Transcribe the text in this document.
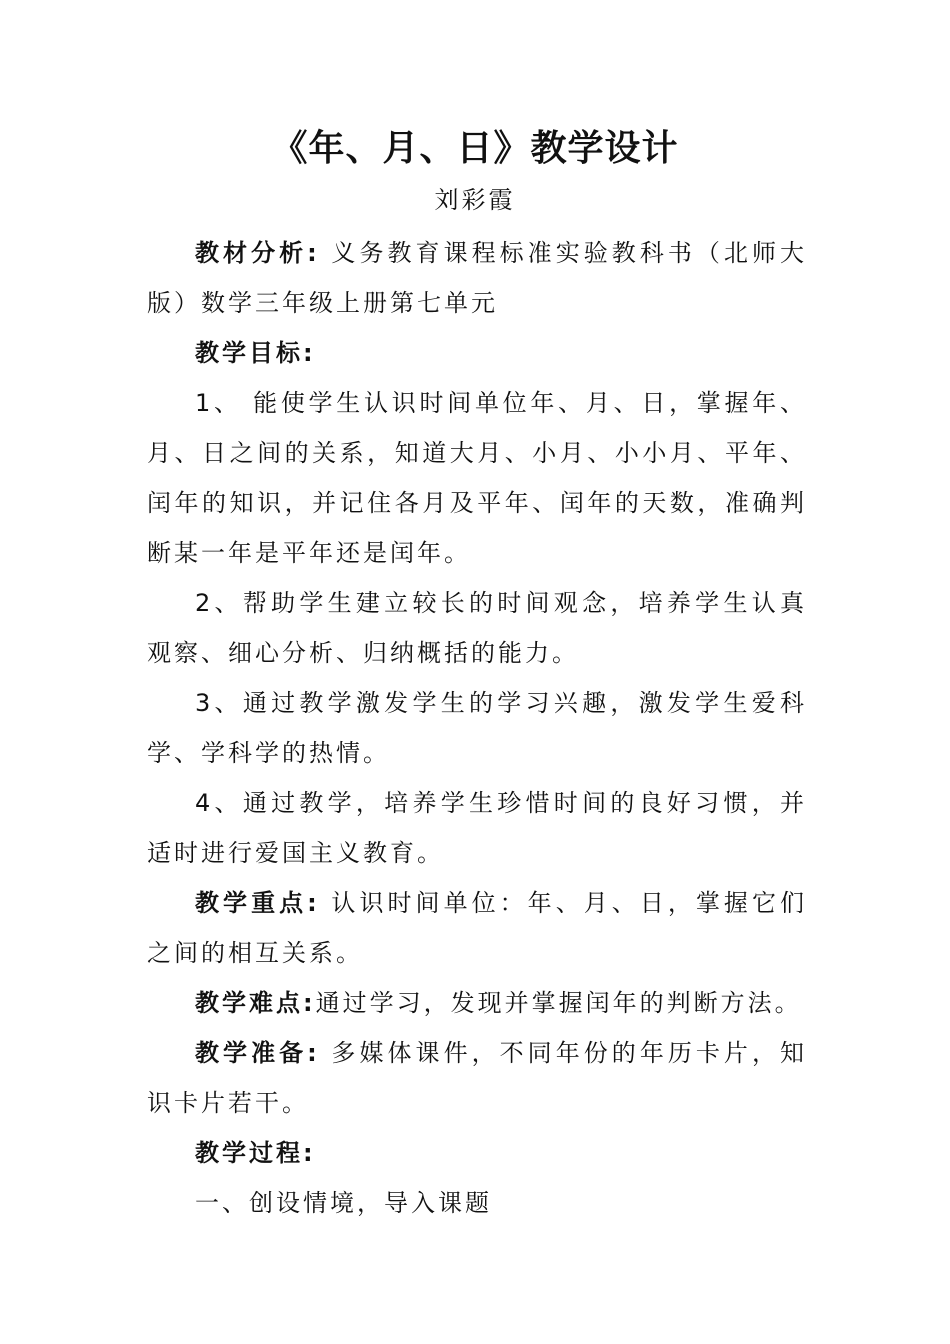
《年、月、日》教学设计
刘彩霞

教材分析: 义务教育课程标准实验教科书（北师大版）数学三年级上册第七单元

教学目标:

1、 能使学生认识时间单位年、月、日，掌握年、月、日之间的关系，知道大月、小月、小小月、平年、闰年的知识，并记住各月及平年、闰年的天数，准确判断某一年是平年还是闰年。

2、帮助学生建立较长的时间观念，培养学生认真观察、细心分析、归纳概括的能力。

3、通过教学激发学生的学习兴趣，激发学生爱科学、学科学的热情。

4、通过教学，培养学生珍惜时间的良好习惯，并适时进行爱国主义教育。

教学重点: 认识时间单位：年、月、日，掌握它们之间的相互关系。

教学难点:通过学习，发现并掌握闰年的判断方法。

教学准备: 多媒体课件，不同年份的年历卡片，知识卡片若干。

教学过程:

一、创设情境，导入课题
